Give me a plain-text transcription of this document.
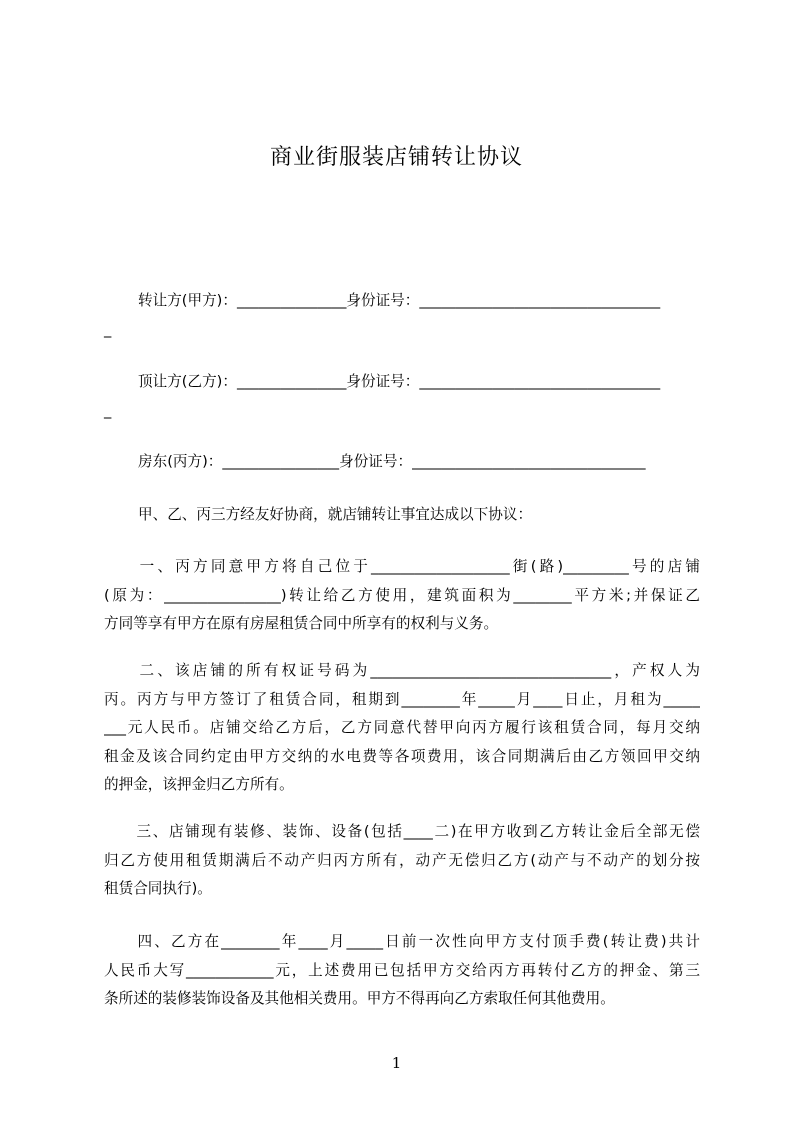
商业街服装店铺转让协议
转让方(甲方)：_______________身份证号：_________________________________
_
顶让方(乙方)：_______________身份证号：_________________________________
_
房东(丙方)：________________身份证号：________________________________
甲、乙、丙三方经友好协商，就店铺转让事宜达成以下协议：
　　一、丙方同意甲方将自己位于___________________街(路)_________号的店铺
(原为：________________)转让给乙方使用，建筑面积为________平方米;并保证乙
方同等享有甲方在原有房屋租赁合同中所享有的权利与义务。
　　二、该店铺的所有权证号码为_________________________________，产权人为
丙。丙方与甲方签订了租赁合同，租期到________年_____月____日止，月租为_____
___元人民币。店铺交给乙方后，乙方同意代替甲向丙方履行该租赁合同，每月交纳
租金及该合同约定由甲方交纳的水电费等各项费用，该合同期满后由乙方领回甲交纳
的押金，该押金归乙方所有。
　　三、店铺现有装修、装饰、设备(包括____二)在甲方收到乙方转让金后全部无偿
归乙方使用租赁期满后不动产归丙方所有，动产无偿归乙方(动产与不动产的划分按
租赁合同执行)。
　　四、乙方在________年____月_____日前一次性向甲方支付顶手费(转让费)共计
人民币大写____________元，上述费用已包括甲方交给丙方再转付乙方的押金、第三
条所述的装修装饰设备及其他相关费用。甲方不得再向乙方索取任何其他费用。
1
